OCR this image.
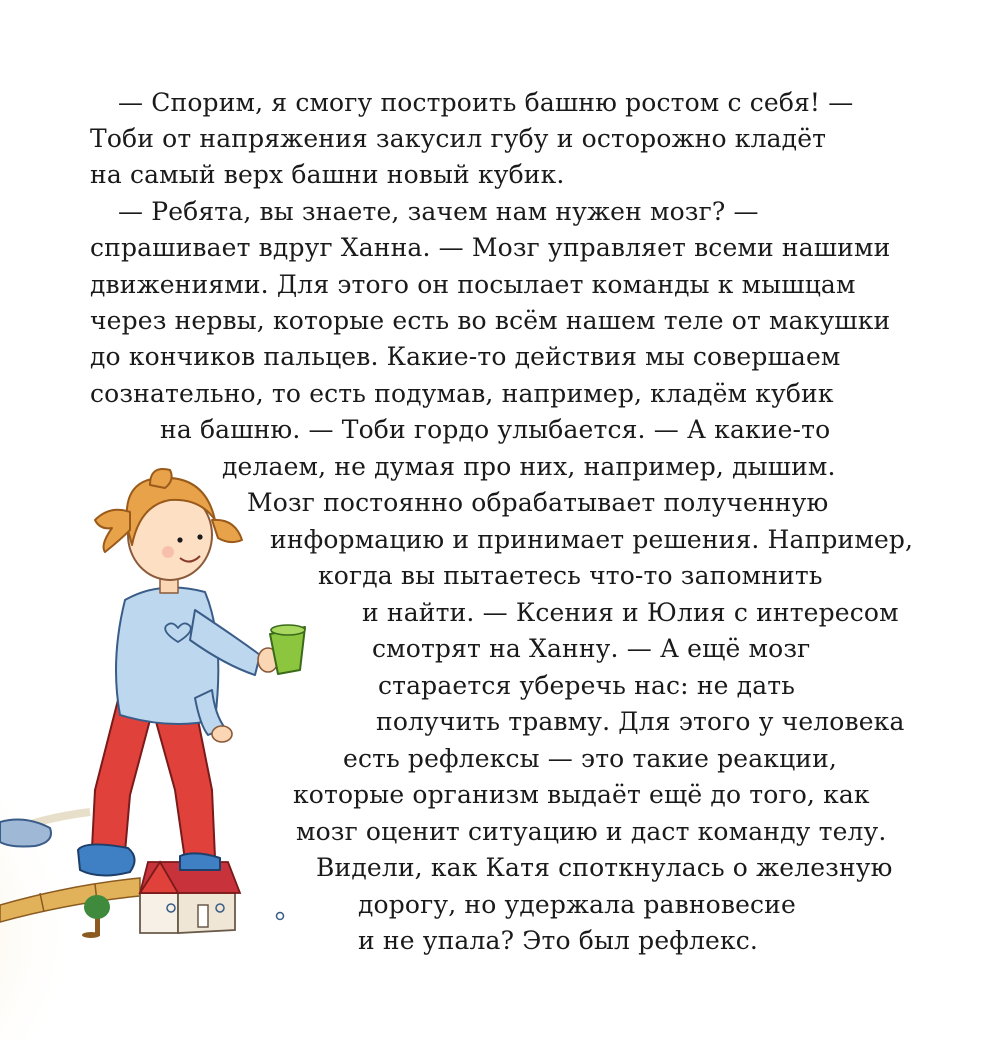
— Спорим, я смогу построить башню ростом с себя! —
Тоби от напряжения закусил губу и осторожно кладёт
на самый верх башни новый кубик.
— Ребята, вы знаете, зачем нам нужен мозг? —
спрашивает вдруг Ханна. — Мозг управляет всеми нашими
движениями. Для этого он посылает команды к мышцам
через нервы, которые есть во всём нашем теле от макушки
до кончиков пальцев. Какие-то действия мы совершаем
сознательно, то есть подумав, например, кладём кубик
на башню. — Тоби гордо улыбается. — А какие-то
делаем, не думая про них, например, дышим.
Мозг постоянно обрабатывает полученную
информацию и принимает решения. Например,
когда вы пытаетесь что-то запомнить
и найти. — Ксения и Юлия с интересом
смотрят на Ханну. — А ещё мозг
старается уберечь нас: не дать
получить травму. Для этого у человека
есть рефлексы — это такие реакции,
которые организм выдаёт ещё до того, как
мозг оценит ситуацию и даст команду телу.
Видели, как Катя споткнулась о железную
дорогу, но удержала равновесие
и не упала? Это был рефлекс.
